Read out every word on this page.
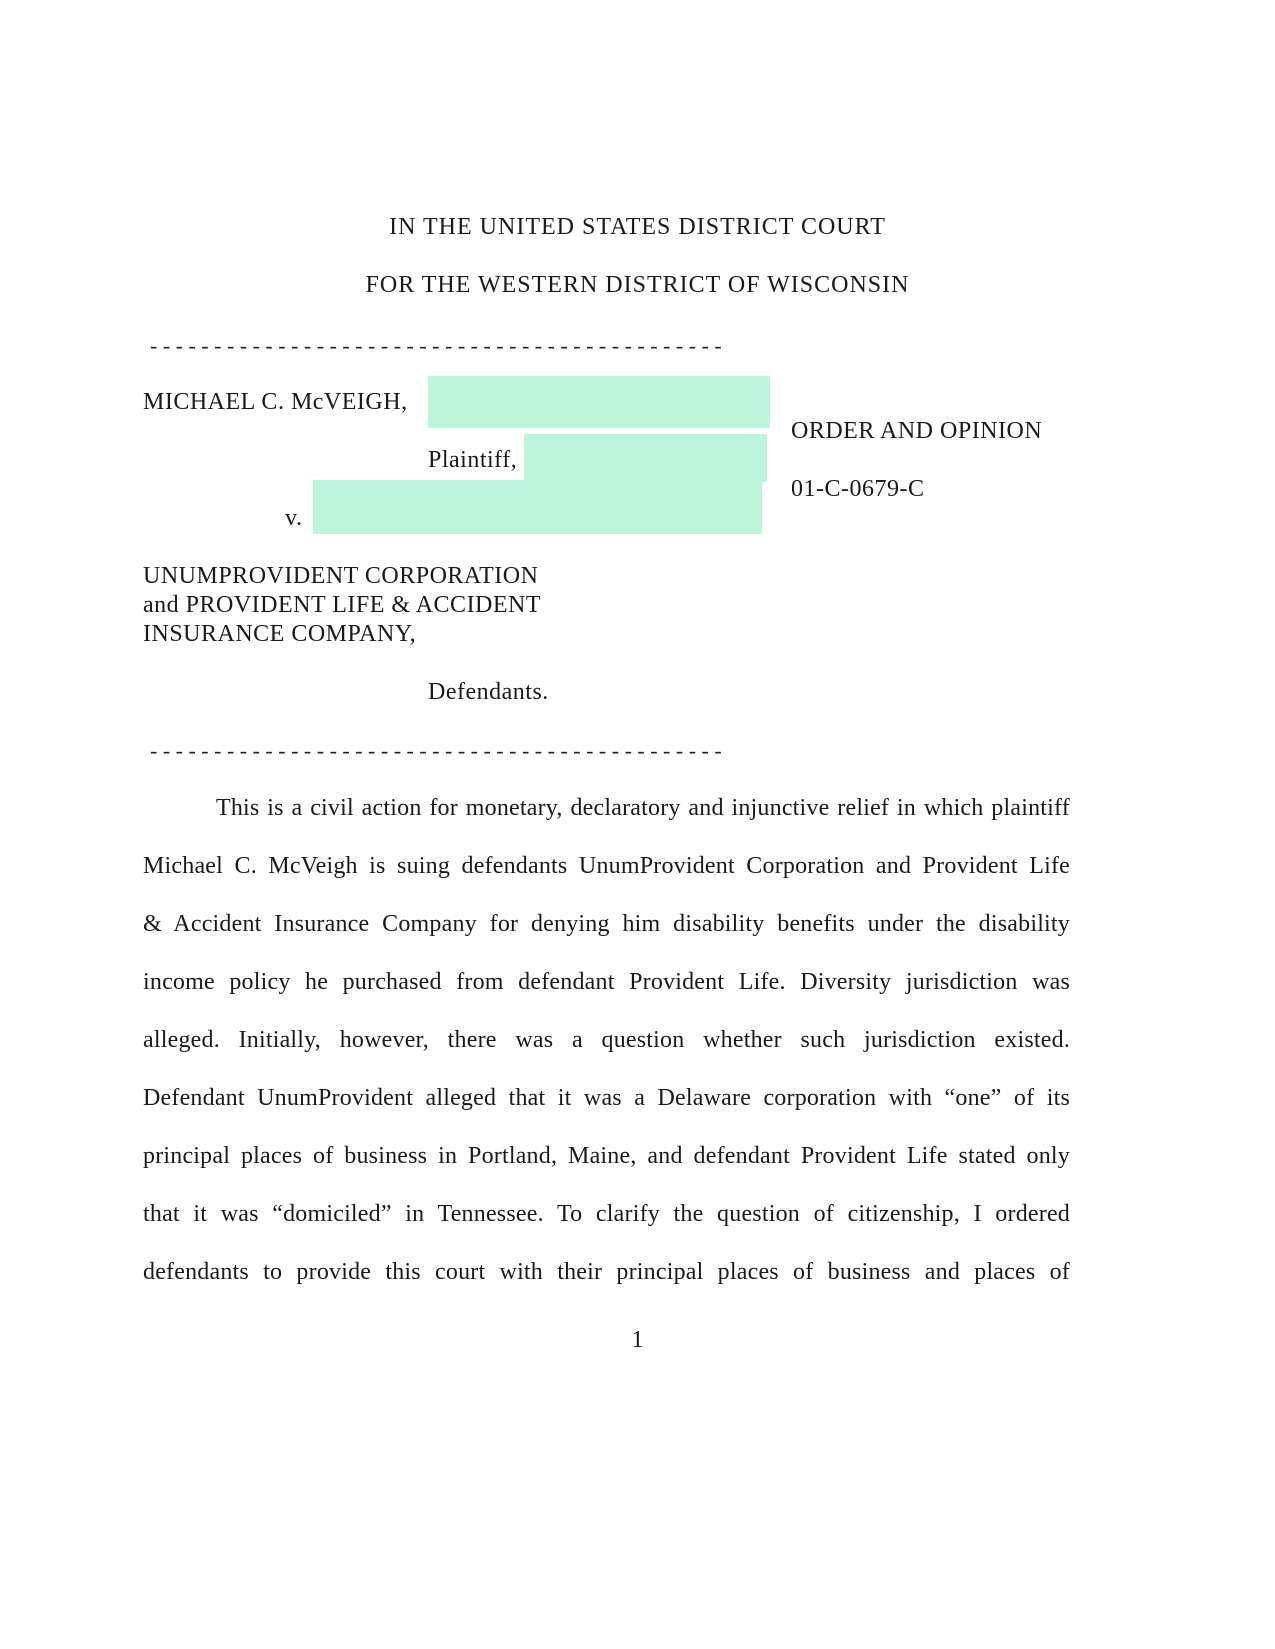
IN THE UNITED STATES DISTRICT COURT
FOR THE WESTERN DISTRICT OF WISCONSIN
- - - - - - - - - - - - - - - - - - - - - - - - - - - - - - - - - - - - - - - - - - - - -
MICHAEL C. McVEIGH,
Plaintiff,
v.
ORDER AND OPINION
01-C-0679-C
UNUMPROVIDENT CORPORATION
and PROVIDENT LIFE & ACCIDENT
INSURANCE COMPANY,
Defendants.
- - - - - - - - - - - - - - - - - - - - - - - - - - - - - - - - - - - - - - - - - - - - -
This is a civil action for monetary, declaratory and injunctive relief in which plaintiff
Michael C. McVeigh is suing defendants UnumProvident Corporation and Provident Life
& Accident Insurance Company for denying him disability benefits under the disability
income policy he purchased from defendant Provident Life. Diversity jurisdiction was
alleged. Initially, however, there was a question whether such jurisdiction existed.
Defendant UnumProvident alleged that it was a Delaware corporation with “one” of its
principal places of business in Portland, Maine, and defendant Provident Life stated only
that it was “domiciled” in Tennessee. To clarify the question of citizenship, I ordered
defendants to provide this court with their principal places of business and places of
1
